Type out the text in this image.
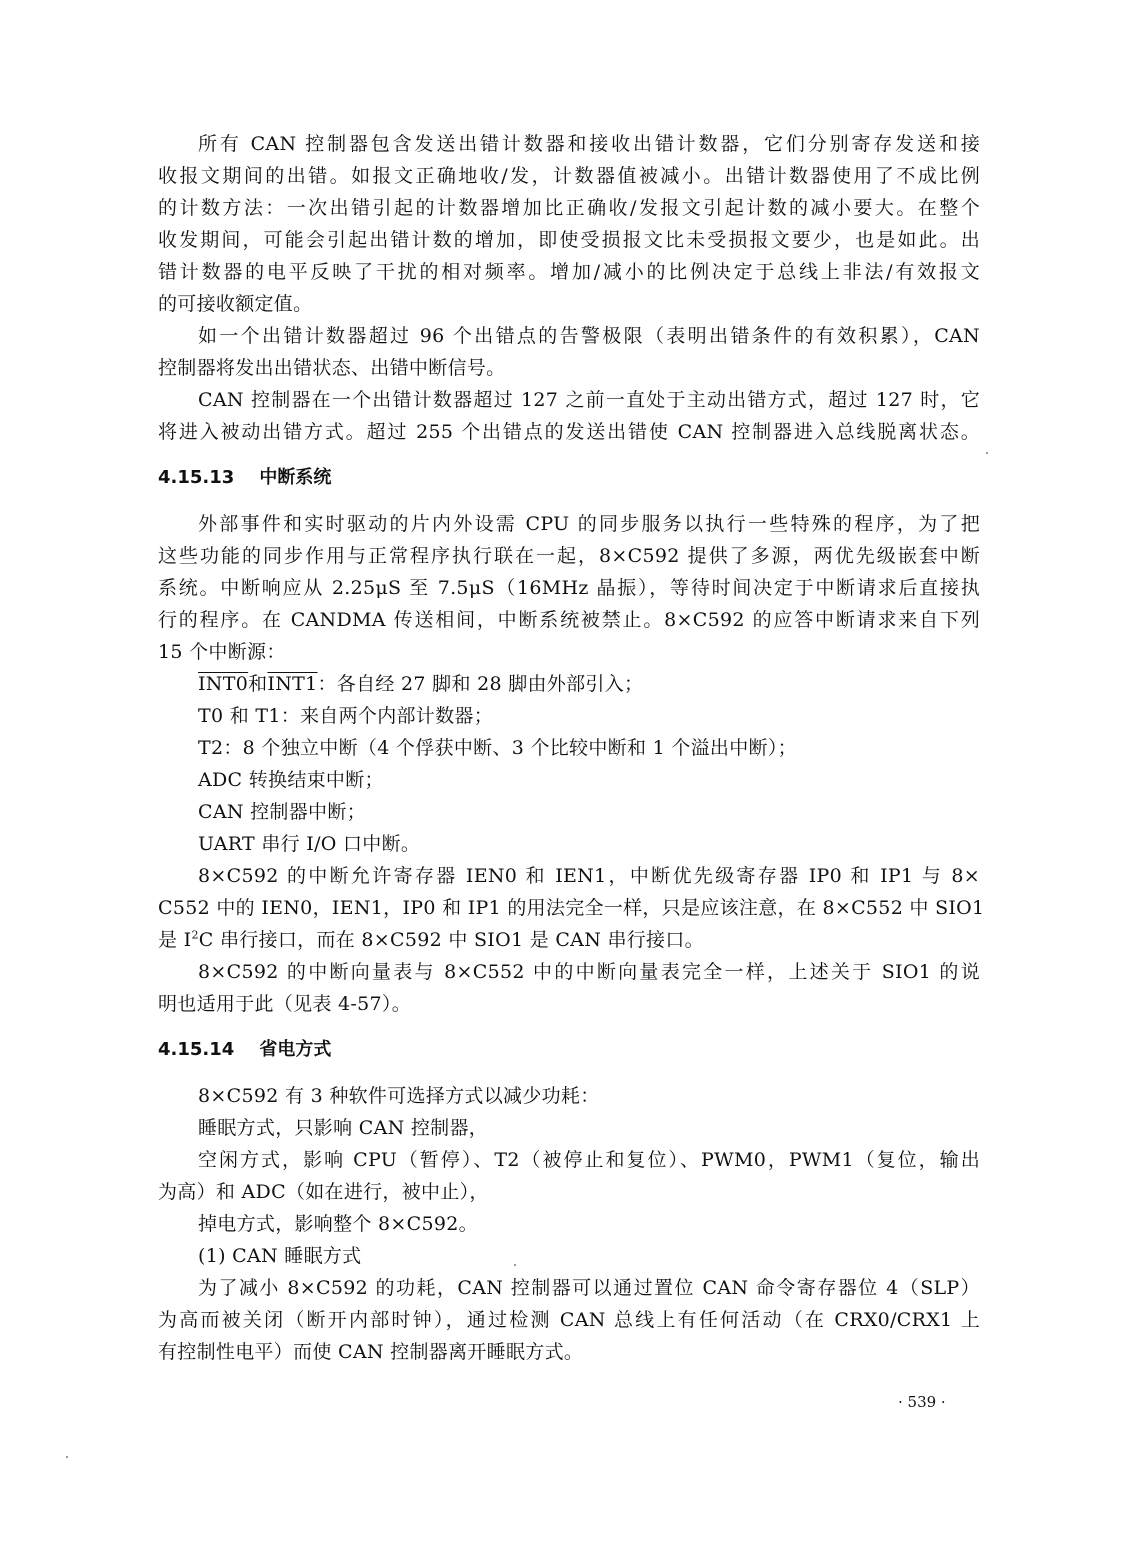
所有 CAN 控制器包含发送出错计数器和接收出错计数器，它们分别寄存发送和接
收报文期间的出错。如报文正确地收/发，计数器值被减小。出错计数器使用了不成比例
的计数方法：一次出错引起的计数器增加比正确收/发报文引起计数的减小要大。在整个
收发期间，可能会引起出错计数的增加，即使受损报文比未受损报文要少，也是如此。出
错计数器的电平反映了干扰的相对频率。增加/减小的比例决定于总线上非法/有效报文
的可接收额定值。
如一个出错计数器超过 96 个出错点的告警极限（表明出错条件的有效积累），CAN
控制器将发出出错状态、出错中断信号。
CAN 控制器在一个出错计数器超过 127 之前一直处于主动出错方式，超过 127 时，它
将进入被动出错方式。超过 255 个出错点的发送出错使 CAN 控制器进入总线脱离状态。
4.15.13 中断系统
外部事件和实时驱动的片内外设需 CPU 的同步服务以执行一些特殊的程序，为了把
这些功能的同步作用与正常程序执行联在一起，8×C592 提供了多源，两优先级嵌套中断
系统。中断响应从 2.25μS 至 7.5μS（16MHz 晶振），等待时间决定于中断请求后直接执
行的程序。在 CANDMA 传送相间，中断系统被禁止。8×C592 的应答中断请求来自下列
15 个中断源：
INT0和INT1：各自经 27 脚和 28 脚由外部引入；
T0 和 T1：来自两个内部计数器；
T2：8 个独立中断（4 个俘获中断、3 个比较中断和 1 个溢出中断）；
ADC 转换结束中断；
CAN 控制器中断；
UART 串行 I/O 口中断。
8×C592 的中断允许寄存器 IEN0 和 IEN1，中断优先级寄存器 IP0 和 IP1 与 8×
C552 中的 IEN0，IEN1，IP0 和 IP1 的用法完全一样，只是应该注意，在 8×C552 中 SIO1
是 $I^2C$ 串行接口，而在 8×C592 中 SIO1 是 CAN 串行接口。
8×C592 的中断向量表与 8×C552 中的中断向量表完全一样，上述关于 SIO1 的说
明也适用于此（见表 4-57）。
4.15.14 省电方式
8×C592 有 3 种软件可选择方式以减少功耗：
睡眠方式，只影响 CAN 控制器，
空闲方式，影响 CPU（暂停）、T2（被停止和复位）、PWM0，PWM1（复位，输出
为高）和 ADC（如在进行，被中止），
掉电方式，影响整个 8×C592。
(1) CAN 睡眠方式
为了减小 8×C592 的功耗，CAN 控制器可以通过置位 CAN 命令寄存器位 4（SLP）
为高而被关闭（断开内部时钟），通过检测 CAN 总线上有任何活动（在 CRX0/CRX1 上
有控制性电平）而使 CAN 控制器离开睡眠方式。
· 539 ·
